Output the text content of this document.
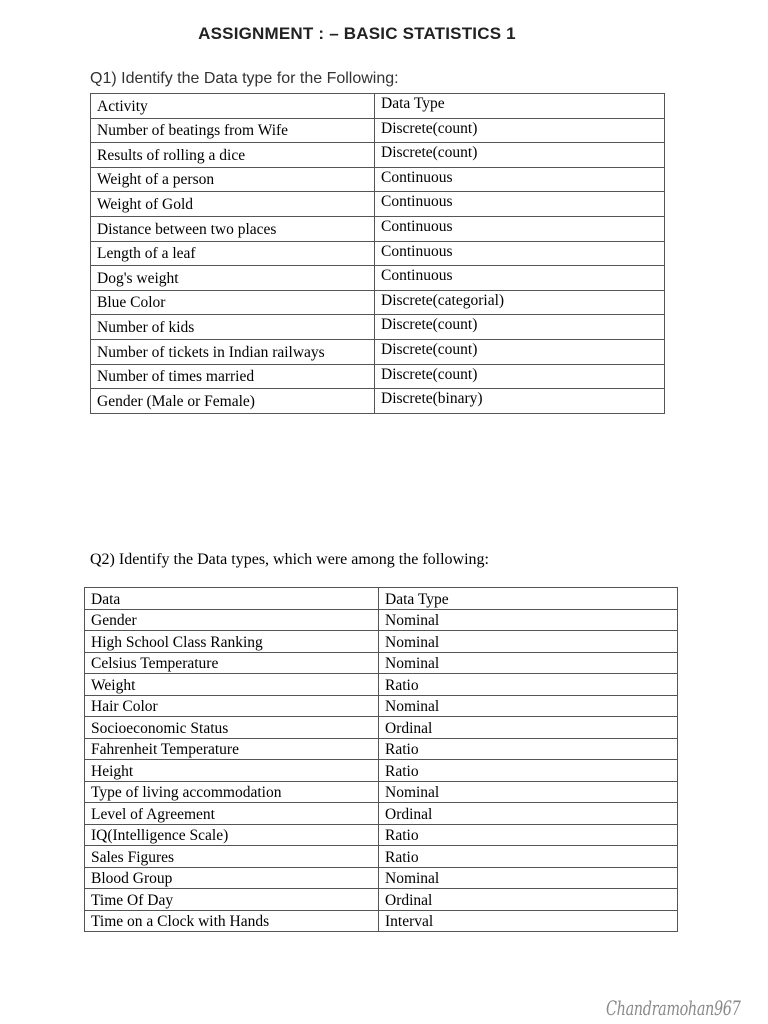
ASSIGNMENT : – BASIC STATISTICS 1
Q1) Identify the Data type for the Following:
Activity	Data Type
Number of beatings from Wife	Discrete(count)
Results of rolling a dice	Discrete(count)
Weight of a person	Continuous
Weight of Gold	Continuous
Distance between two places	Continuous
Length of a leaf	Continuous
Dog's weight	Continuous
Blue Color	Discrete(categorial)
Number of kids	Discrete(count)
Number of tickets in Indian railways	Discrete(count)
Number of times married	Discrete(count)
Gender (Male or Female)	Discrete(binary)
Q2) Identify the Data types, which were among the following:
Data	Data Type
Gender	Nominal
High School Class Ranking	Nominal
Celsius Temperature	Nominal
Weight	Ratio
Hair Color	Nominal
Socioeconomic Status	Ordinal
Fahrenheit Temperature	Ratio
Height	Ratio
Type of living accommodation	Nominal
Level of Agreement	Ordinal
IQ(Intelligence Scale)	Ratio
Sales Figures	Ratio
Blood Group	Nominal
Time Of Day	Ordinal
Time on a Clock with Hands	Interval
Chandramohan967
